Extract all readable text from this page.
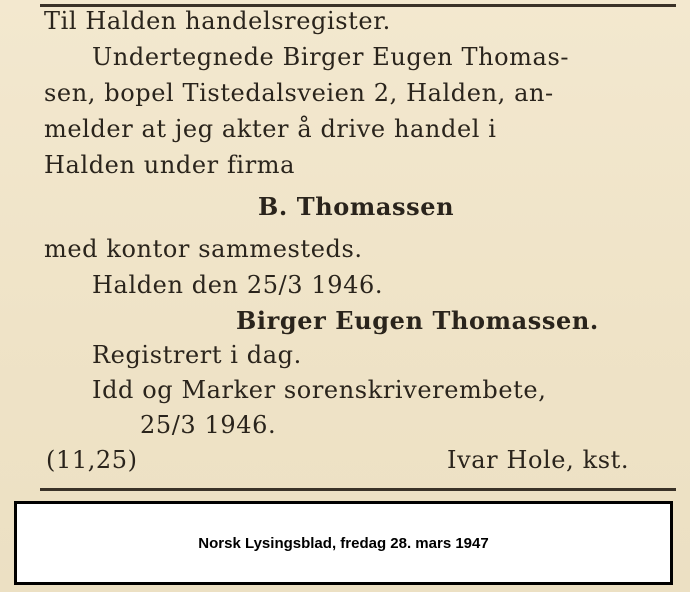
Til Halden handelsregister.
Undertegnede Birger Eugen Thomas-
sen, bopel Tistedalsveien 2, Halden, an-
melder at jeg akter å drive handel i
Halden under firma
B. Thomassen
med kontor sammesteds.
Halden den 25/3 1946.
Birger Eugen Thomassen.
Registrert i dag.
Idd og Marker sorenskriverembete,
25/3 1946.
(11,25)	Ivar Hole, kst.
Norsk Lysingsblad, fredag 28. mars 1947
